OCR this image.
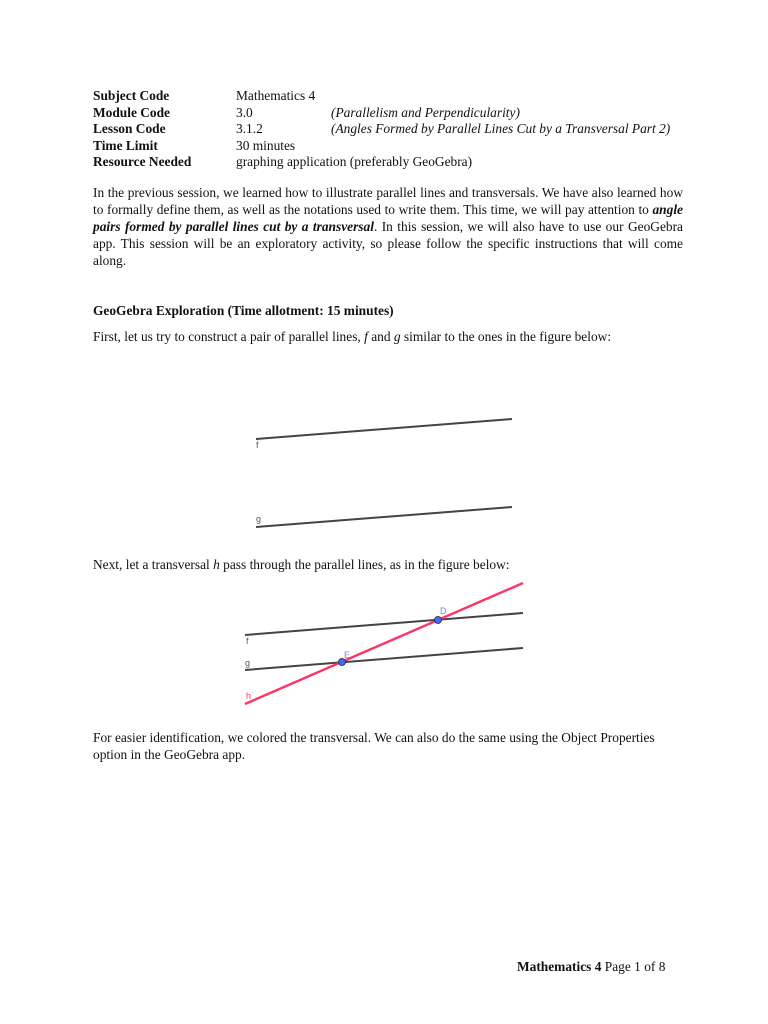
Subject Code	Mathematics 4
Module Code	3.0	(Parallelism and Perpendicularity)
Lesson Code	3.1.2	(Angles Formed by Parallel Lines Cut by a Transversal Part 2)
Time Limit	30 minutes
Resource Needed	graphing application (preferably GeoGebra)

In the previous session, we learned how to illustrate parallel lines and transversals. We have also learned how to formally define them, as well as the notations used to write them. This time, we will pay attention to angle pairs formed by parallel lines cut by a transversal. In this session, we will also have to use our GeoGebra app. This session will be an exploratory activity, so please follow the specific instructions that will come along.

GeoGebra Exploration (Time allotment: 15 minutes)

First, let us try to construct a pair of parallel lines, f and g similar to the ones in the figure below:

f
g

Next, let a transversal h pass through the parallel lines, as in the figure below:

f
g
h
D
E

For easier identification, we colored the transversal. We can also do the same using the Object Properties option in the GeoGebra app.

Mathematics 4 Page 1 of 8
